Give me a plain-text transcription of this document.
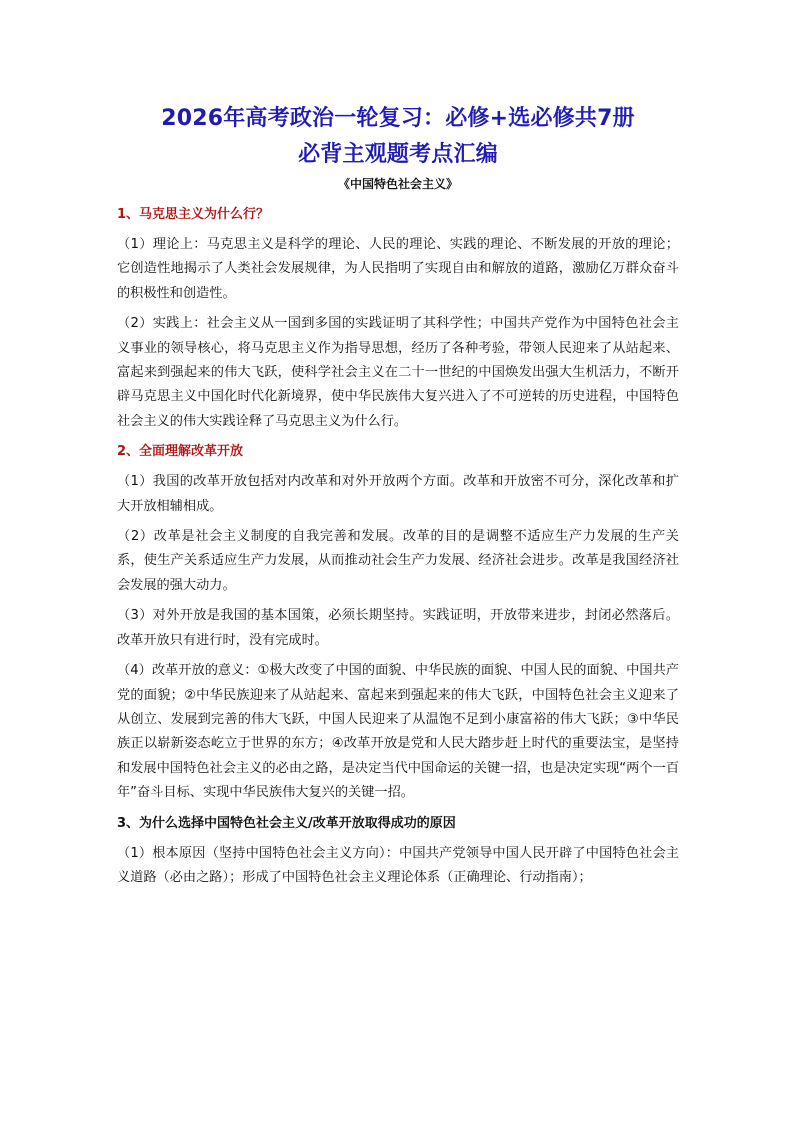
2026年高考政治一轮复习：必修+选必修共7册
必背主观题考点汇编
《中国特色社会主义》
1、马克思主义为什么行？

（1）理论上：马克思主义是科学的理论、人民的理论、实践的理论、不断发展的开放的理论；它创造性地揭示了人类社会发展规律，为人民指明了实现自由和解放的道路，激励亿万群众奋斗的积极性和创造性。

（2）实践上：社会主义从一国到多国的实践证明了其科学性；中国共产党作为中国特色社会主义事业的领导核心，将马克思主义作为指导思想，经历了各种考验，带领人民迎来了从站起来、富起来到强起来的伟大飞跃，使科学社会主义在二十一世纪的中国焕发出强大生机活力，不断开辟马克思主义中国化时代化新境界，使中华民族伟大复兴进入了不可逆转的历史进程，中国特色社会主义的伟大实践诠释了马克思主义为什么行。

2、全面理解改革开放

（1）我国的改革开放包括对内改革和对外开放两个方面。改革和开放密不可分，深化改革和扩大开放相辅相成。

（2）改革是社会主义制度的自我完善和发展。改革的目的是调整不适应生产力发展的生产关系，使生产关系适应生产力发展，从而推动社会生产力发展、经济社会进步。改革是我国经济社会发展的强大动力。

（3）对外开放是我国的基本国策，必须长期坚持。实践证明，开放带来进步，封闭必然落后。改革开放只有进行时，没有完成时。

（4）改革开放的意义：①极大改变了中国的面貌、中华民族的面貌、中国人民的面貌、中国共产党的面貌；②中华民族迎来了从站起来、富起来到强起来的伟大飞跃，中国特色社会主义迎来了从创立、发展到完善的伟大飞跃，中国人民迎来了从温饱不足到小康富裕的伟大飞跃；③中华民族正以崭新姿态屹立于世界的东方；④改革开放是党和人民大踏步赶上时代的重要法宝，是坚持和发展中国特色社会主义的必由之路，是决定当代中国命运的关键一招，也是决定实现“两个一百年”奋斗目标、实现中华民族伟大复兴的关键一招。

3、为什么选择中国特色社会主义/改革开放取得成功的原因

（1）根本原因（坚持中国特色社会主义方向）：中国共产党领导中国人民开辟了中国特色社会主义道路（必由之路）；形成了中国特色社会主义理论体系（正确理论、行动指南）；
